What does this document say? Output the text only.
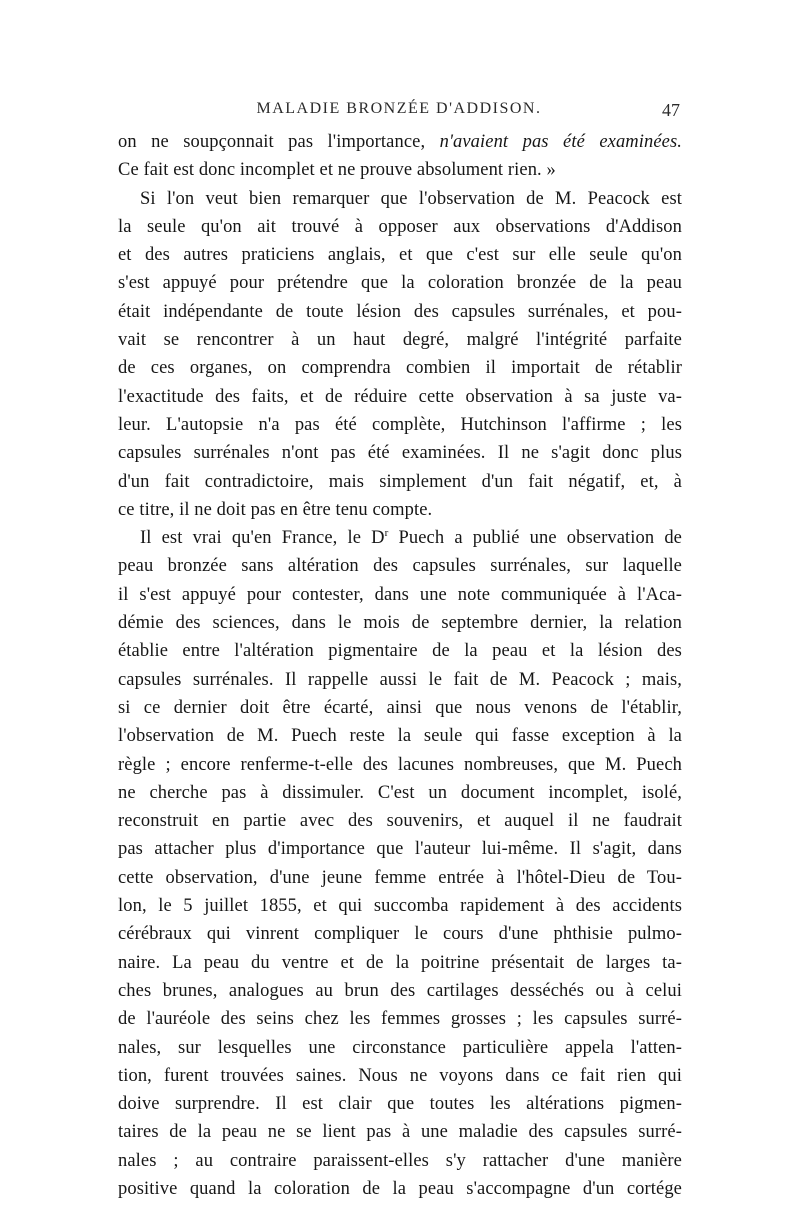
MALADIE BRONZÉE D'ADDISON.	47
on ne soupçonnait pas l'importance, n'avaient pas été examinées.
Ce fait est donc incomplet et ne prouve absolument rien. »
Si l'on veut bien remarquer que l'observation de M. Peacock est
la seule qu'on ait trouvé à opposer aux observations d'Addison
et des autres praticiens anglais, et que c'est sur elle seule qu'on
s'est appuyé pour prétendre que la coloration bronzée de la peau
était indépendante de toute lésion des capsules surrénales, et pou-
vait se rencontrer à un haut degré, malgré l'intégrité parfaite
de ces organes, on comprendra combien il importait de rétablir
l'exactitude des faits, et de réduire cette observation à sa juste va-
leur. L'autopsie n'a pas été complète, Hutchinson l'affirme ; les
capsules surrénales n'ont pas été examinées. Il ne s'agit donc plus
d'un fait contradictoire, mais simplement d'un fait négatif, et, à
ce titre, il ne doit pas en être tenu compte.
Il est vrai qu'en France, le $D^r$ Puech a publié une observation de
peau bronzée sans altération des capsules surrénales, sur laquelle
il s'est appuyé pour contester, dans une note communiquée à l'Aca-
démie des sciences, dans le mois de septembre dernier, la relation
établie entre l'altération pigmentaire de la peau et la lésion des
capsules surrénales. Il rappelle aussi le fait de M. Peacock ; mais,
si ce dernier doit être écarté, ainsi que nous venons de l'établir,
l'observation de M. Puech reste la seule qui fasse exception à la
règle ; encore renferme-t-elle des lacunes nombreuses, que M. Puech
ne cherche pas à dissimuler. C'est un document incomplet, isolé,
reconstruit en partie avec des souvenirs, et auquel il ne faudrait
pas attacher plus d'importance que l'auteur lui-même. Il s'agit, dans
cette observation, d'une jeune femme entrée à l'hôtel-Dieu de Tou-
lon, le 5 juillet 1855, et qui succomba rapidement à des accidents
cérébraux qui vinrent compliquer le cours d'une phthisie pulmo-
naire. La peau du ventre et de la poitrine présentait de larges ta-
ches brunes, analogues au brun des cartilages desséchés ou à celui
de l'auréole des seins chez les femmes grosses ; les capsules surré-
nales, sur lesquelles une circonstance particulière appela l'atten-
tion, furent trouvées saines. Nous ne voyons dans ce fait rien qui
doive surprendre. Il est clair que toutes les altérations pigmen-
taires de la peau ne se lient pas à une maladie des capsules surré-
nales ; au contraire paraissent-elles s'y rattacher d'une manière
positive quand la coloration de la peau s'accompagne d'un cortége
